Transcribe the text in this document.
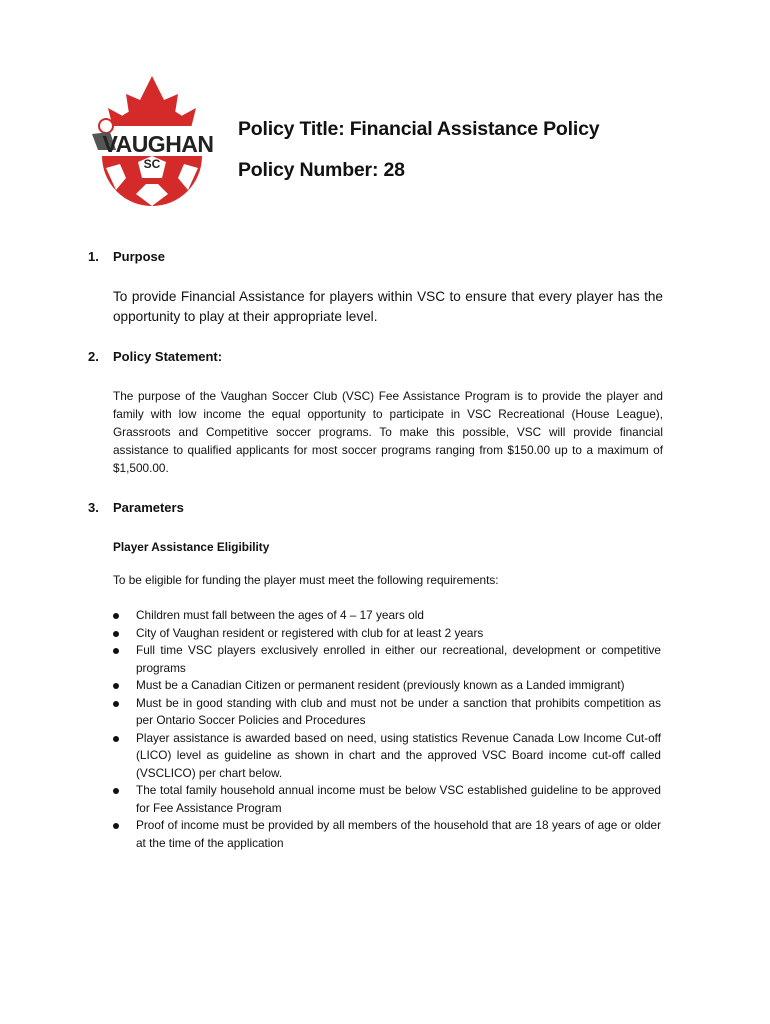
VAUGHAN
SC
Policy Title: Financial Assistance Policy
Policy Number: 28
1. Purpose
To provide Financial Assistance for players within VSC to ensure that every player has the opportunity to play at their appropriate level.
2. Policy Statement:
The purpose of the Vaughan Soccer Club (VSC) Fee Assistance Program is to provide the player and family with low income the equal opportunity to participate in VSC Recreational (House League), Grassroots and Competitive soccer programs. To make this possible, VSC will provide financial assistance to qualified applicants for most soccer programs ranging from $150.00 up to a maximum of $1,500.00.
3. Parameters
Player Assistance Eligibility
To be eligible for funding the player must meet the following requirements:
Children must fall between the ages of 4 – 17 years old
City of Vaughan resident or registered with club for at least 2 years
Full time VSC players exclusively enrolled in either our recreational, development or competitive programs
Must be a Canadian Citizen or permanent resident (previously known as a Landed immigrant)
Must be in good standing with club and must not be under a sanction that prohibits competition as per Ontario Soccer Policies and Procedures
Player assistance is awarded based on need, using statistics Revenue Canada Low Income Cut-off (LICO) level as guideline as shown in chart and the approved VSC Board income cut-off called (VSCLICO) per chart below.
The total family household annual income must be below VSC established guideline to be approved for Fee Assistance Program
Proof of income must be provided by all members of the household that are 18 years of age or older at the time of the application
